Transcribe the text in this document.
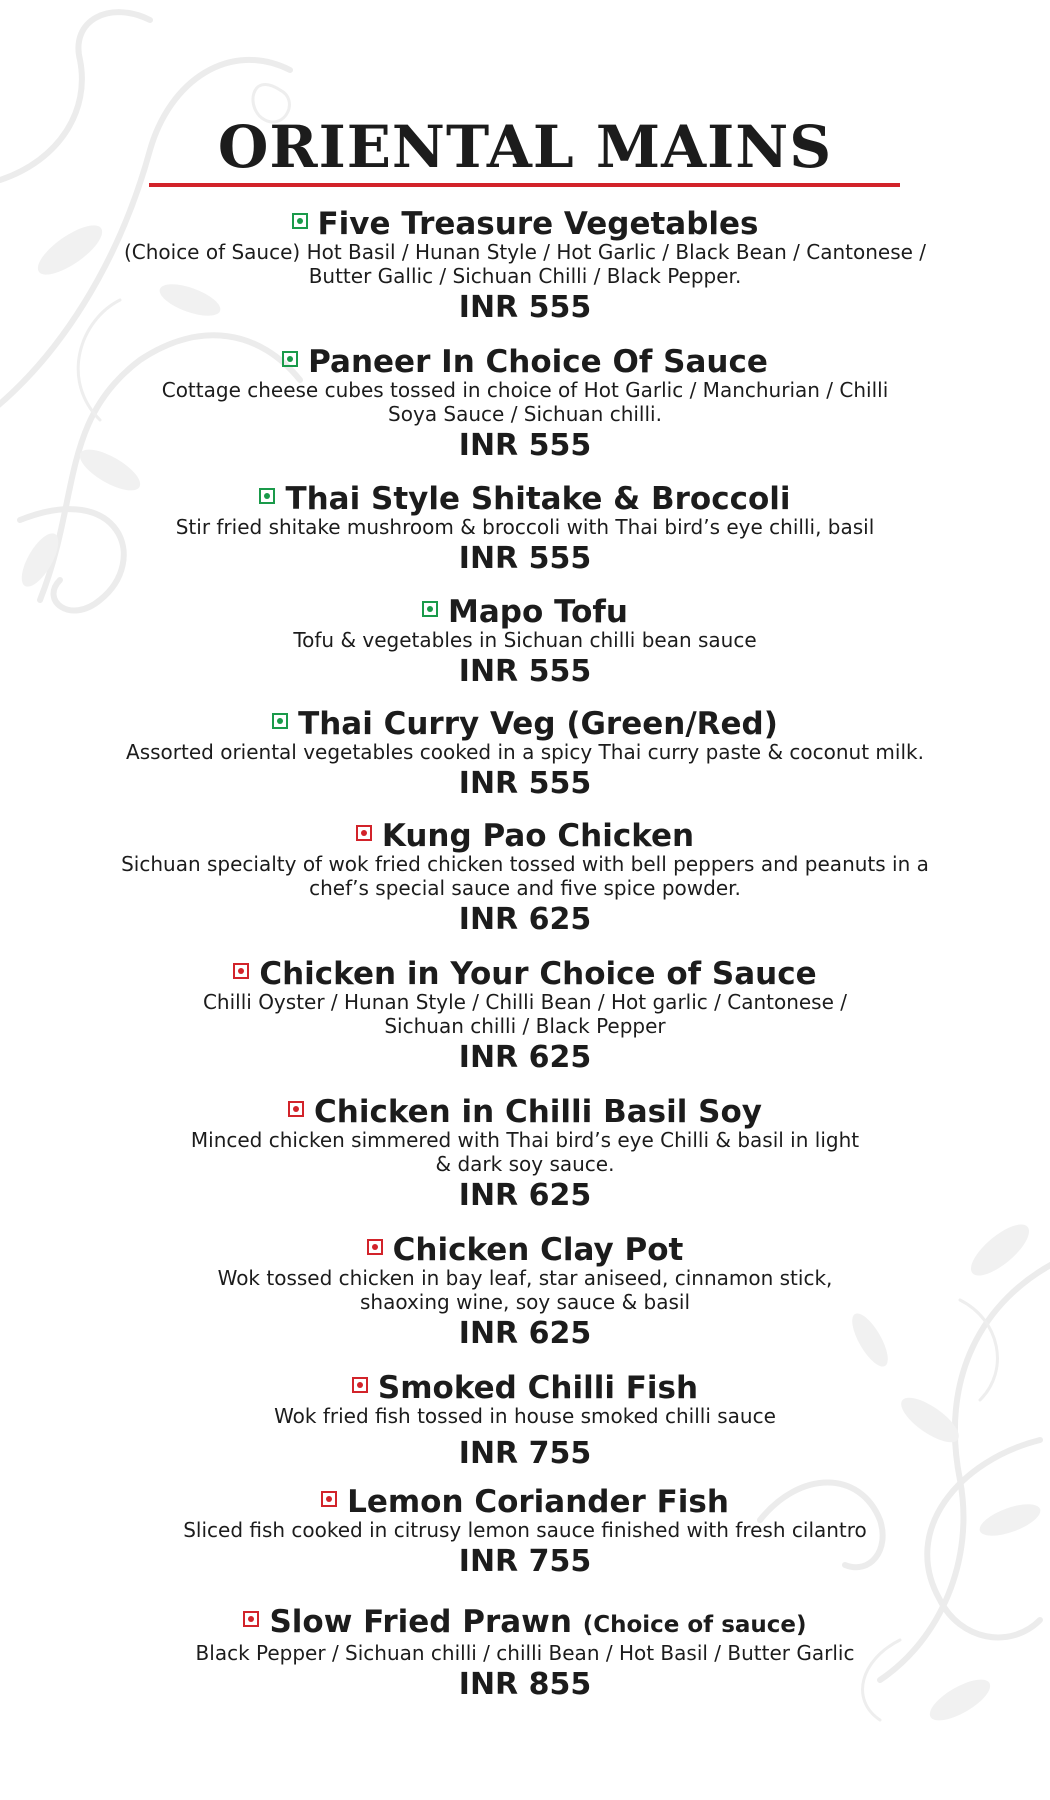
ORIENTAL MAINS
Five Treasure Vegetables
(Choice of Sauce) Hot Basil / Hunan Style / Hot Garlic / Black Bean / Cantonese / Butter Gallic / Sichuan Chilli / Black Pepper.
INR 555
Paneer In Choice Of Sauce
Cottage cheese cubes tossed in choice of Hot Garlic / Manchurian / Chilli Soya Sauce / Sichuan chilli.
INR 555
Thai Style Shitake & Broccoli
Stir fried shitake mushroom & broccoli with Thai bird’s eye chilli, basil
INR 555
Mapo Tofu
Tofu & vegetables in Sichuan chilli bean sauce
INR 555
Thai Curry Veg (Green/Red)
Assorted oriental vegetables cooked in a spicy Thai curry paste & coconut milk.
INR 555
Kung Pao Chicken
Sichuan specialty of wok fried chicken tossed with bell peppers and peanuts in a chef’s special sauce and five spice powder.
INR 625
Chicken in Your Choice of Sauce
Chilli Oyster / Hunan Style / Chilli Bean / Hot garlic / Cantonese / Sichuan chilli / Black Pepper
INR 625
Chicken in Chilli Basil Soy
Minced chicken simmered with Thai bird’s eye Chilli & basil in light & dark soy sauce.
INR 625
Chicken Clay Pot
Wok tossed chicken in bay leaf, star aniseed, cinnamon stick, shaoxing wine, soy sauce & basil
INR 625
Smoked Chilli Fish
Wok fried fish tossed in house smoked chilli sauce
INR 755
Lemon Coriander Fish
Sliced fish cooked in citrusy lemon sauce finished with fresh cilantro
INR 755
Slow Fried Prawn (Choice of sauce)
Black Pepper / Sichuan chilli / chilli Bean / Hot Basil / Butter Garlic
INR 855
